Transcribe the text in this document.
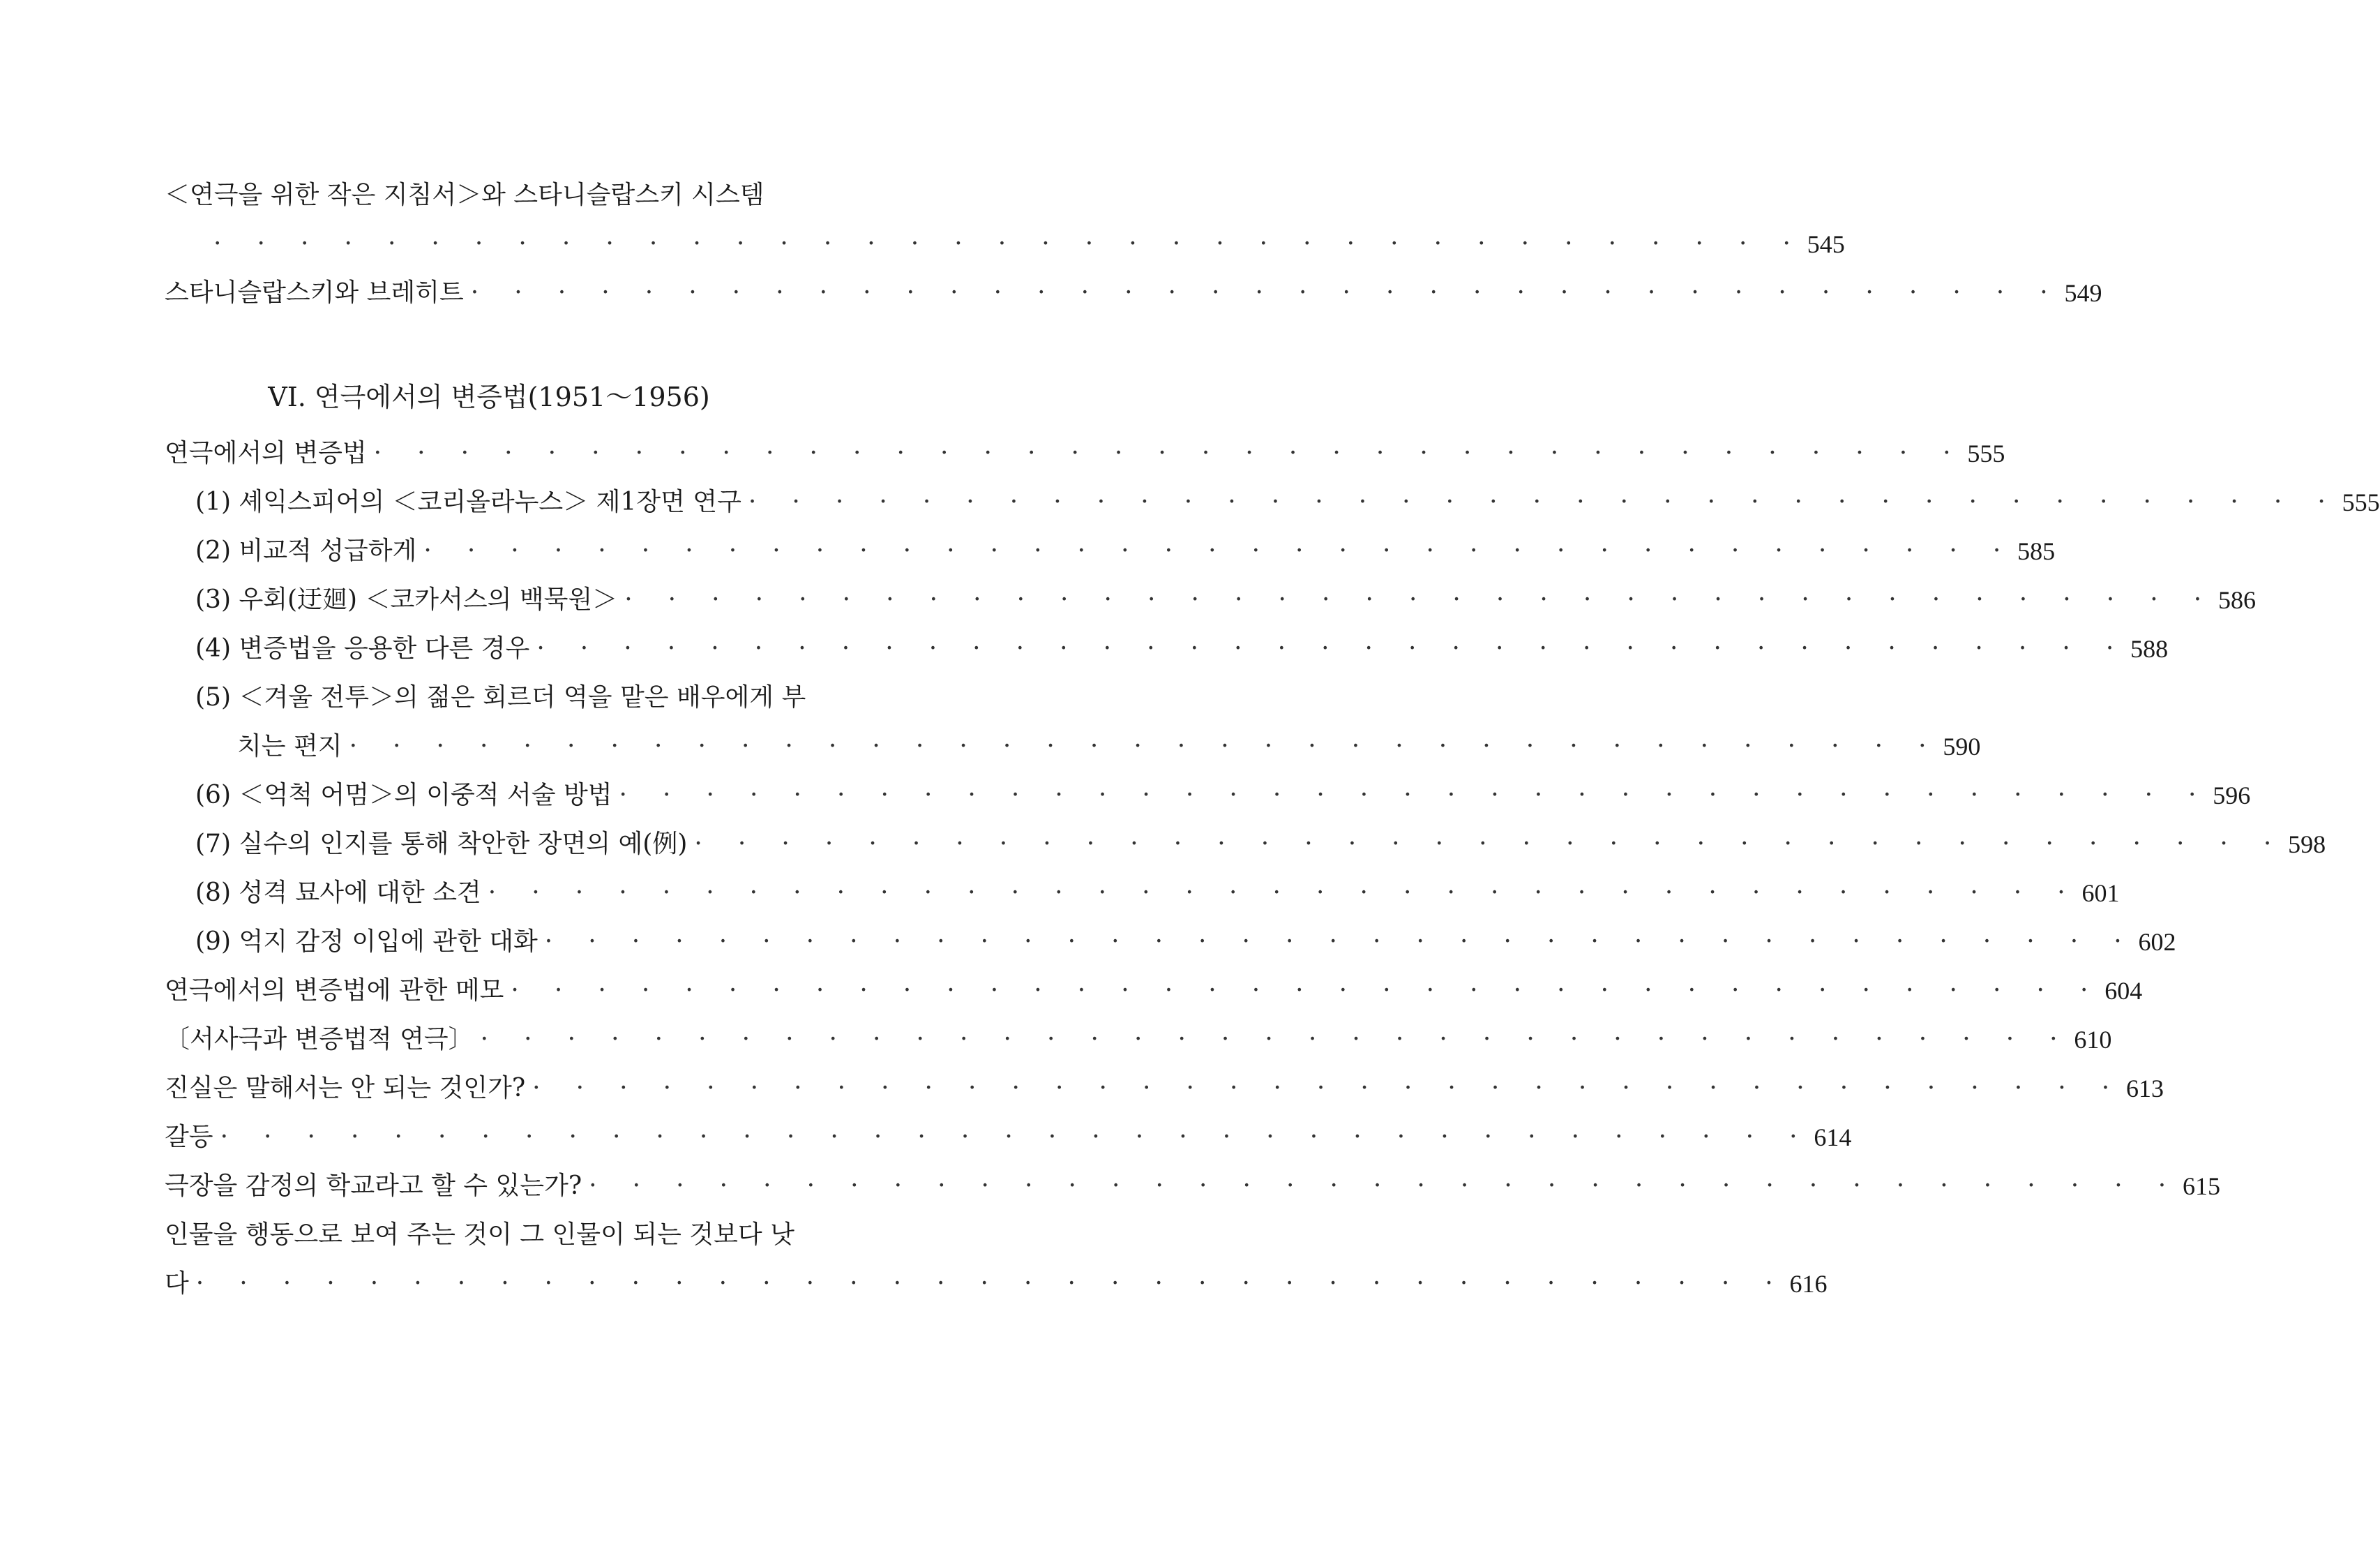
＜연극을 위한 작은 지침서＞와 스타니슬랍스키 시스템
· · · · · · · · · · · · · · · · · · · · · · · · · · · · · · · · · · · · · 545
스타니슬랍스키와 브레히트 · · · · · · · · · · · · · · · · · · · · · · · · · · · · · · · · · · · · · 549
VI. 연극에서의 변증법(1951～1956)
연극에서의 변증법 · · · · · · · · · · · · · · · · · · · · · · · · · · · · · · · · · · · · · 555
(1) 셰익스피어의 ＜코리올라누스＞ 제1장면 연구 · · · · · · · · · · · · · · · · · · · · · · · · · · · · · · · · · · · · · 555
(2) 비교적 성급하게 · · · · · · · · · · · · · · · · · · · · · · · · · · · · · · · · · · · · · 585
(3) 우회(迂廻) ＜코카서스의 백묵원＞ · · · · · · · · · · · · · · · · · · · · · · · · · · · · · · · · · · · · · 586
(4) 변증법을 응용한 다른 경우 · · · · · · · · · · · · · · · · · · · · · · · · · · · · · · · · · · · · · 588
(5) ＜겨울 전투＞의 젊은 회르더 역을 맡은 배우에게 부
치는 편지 · · · · · · · · · · · · · · · · · · · · · · · · · · · · · · · · · · · · · 590
(6) ＜억척 어멈＞의 이중적 서술 방법 · · · · · · · · · · · · · · · · · · · · · · · · · · · · · · · · · · · · · 596
(7) 실수의 인지를 통해 착안한 장면의 예(例) · · · · · · · · · · · · · · · · · · · · · · · · · · · · · · · · · · · · · 598
(8) 성격 묘사에 대한 소견 · · · · · · · · · · · · · · · · · · · · · · · · · · · · · · · · · · · · · 601
(9) 억지 감정 이입에 관한 대화 · · · · · · · · · · · · · · · · · · · · · · · · · · · · · · · · · · · · · 602
연극에서의 변증법에 관한 메모 · · · · · · · · · · · · · · · · · · · · · · · · · · · · · · · · · · · · · 604
〔서사극과 변증법적 연극〕 · · · · · · · · · · · · · · · · · · · · · · · · · · · · · · · · · · · · · 610
진실은 말해서는 안 되는 것인가? · · · · · · · · · · · · · · · · · · · · · · · · · · · · · · · · · · · · · 613
갈등 · · · · · · · · · · · · · · · · · · · · · · · · · · · · · · · · · · · · · 614
극장을 감정의 학교라고 할 수 있는가? · · · · · · · · · · · · · · · · · · · · · · · · · · · · · · · · · · · · · 615
인물을 행동으로 보여 주는 것이 그 인물이 되는 것보다 낫
다 · · · · · · · · · · · · · · · · · · · · · · · · · · · · · · · · · · · · · 616
